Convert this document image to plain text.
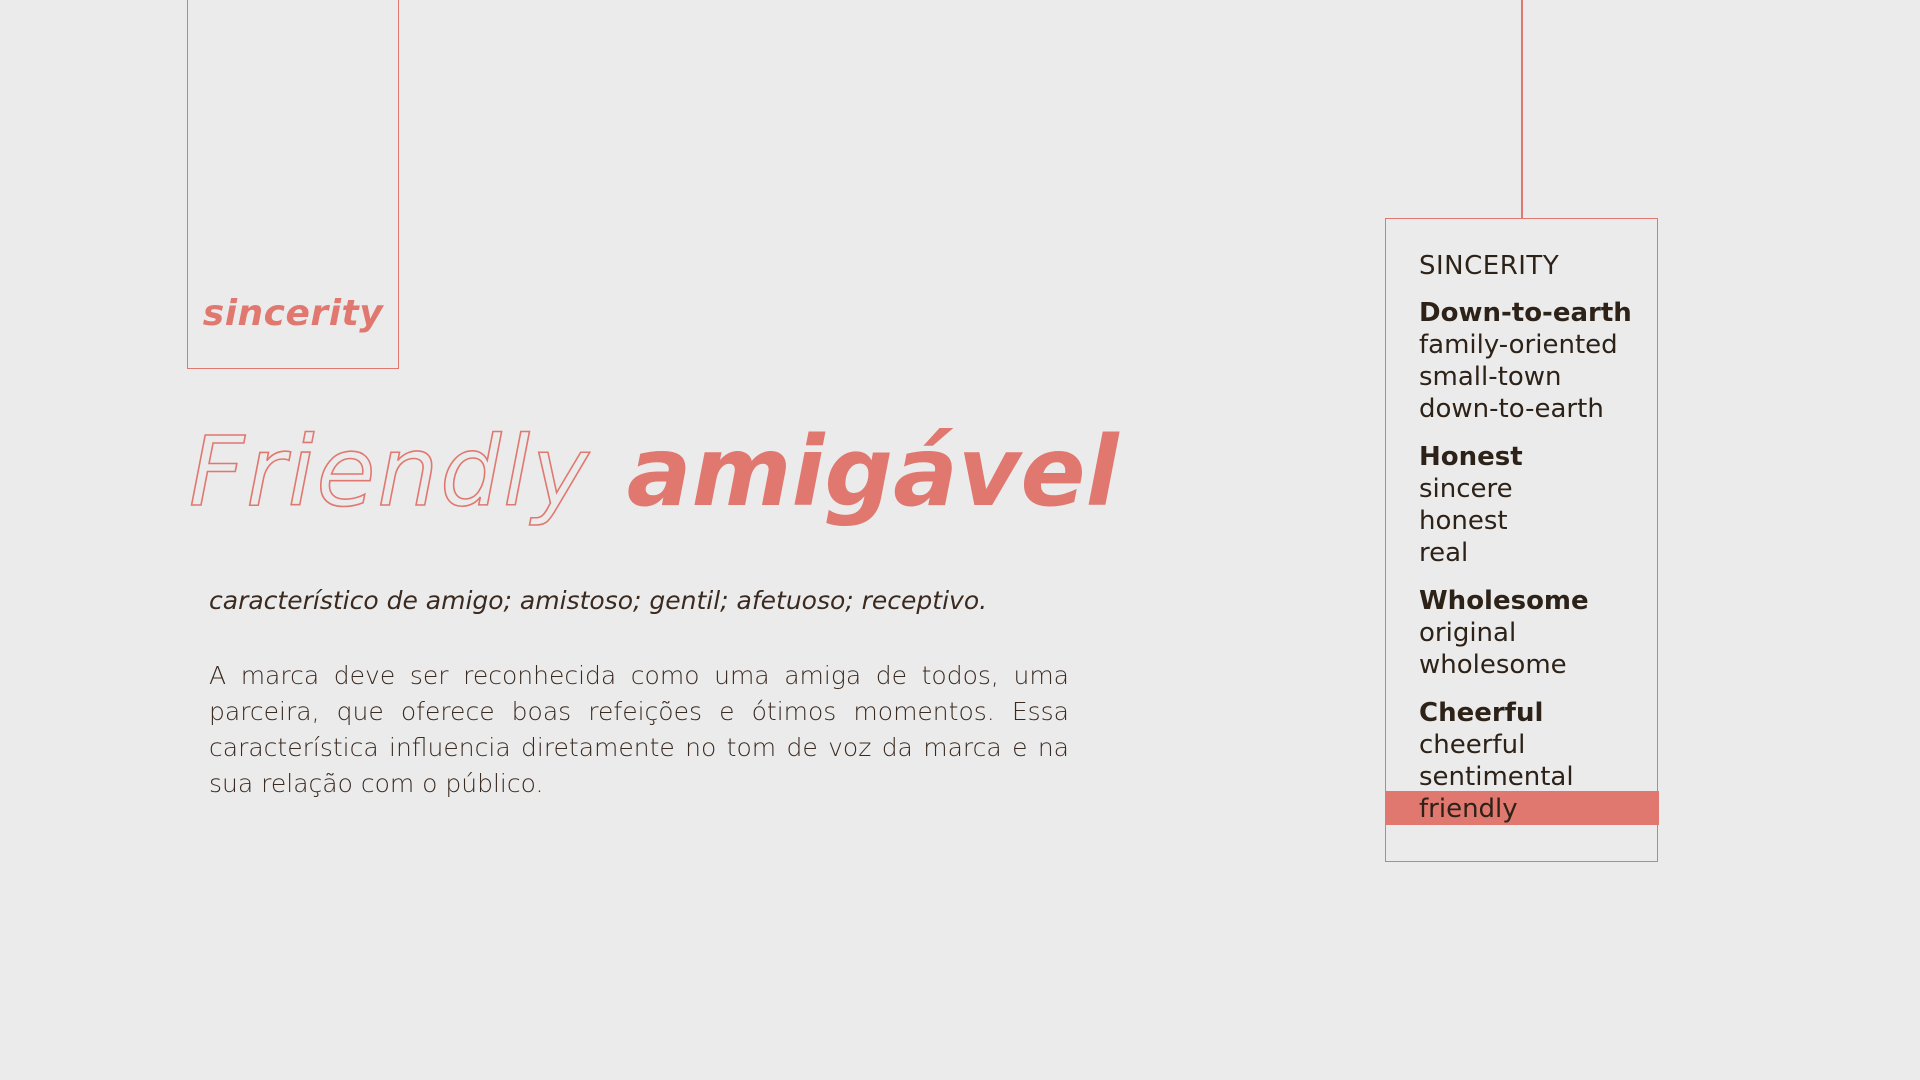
sincerity
Friendly amigável
característico de amigo; amistoso; gentil; afetuoso; receptivo.
A marca deve ser reconhecida como uma amiga de todos, uma parceira, que oferece boas refeições e ótimos momentos. Essa característica influencia diretamente no tom de voz da marca e na sua relação com o público.
SINCERITY
Down-to-earth
family-oriented
small-town
down-to-earth
Honest
sincere
honest
real
Wholesome
original
wholesome
Cheerful
cheerful
sentimental
friendly
